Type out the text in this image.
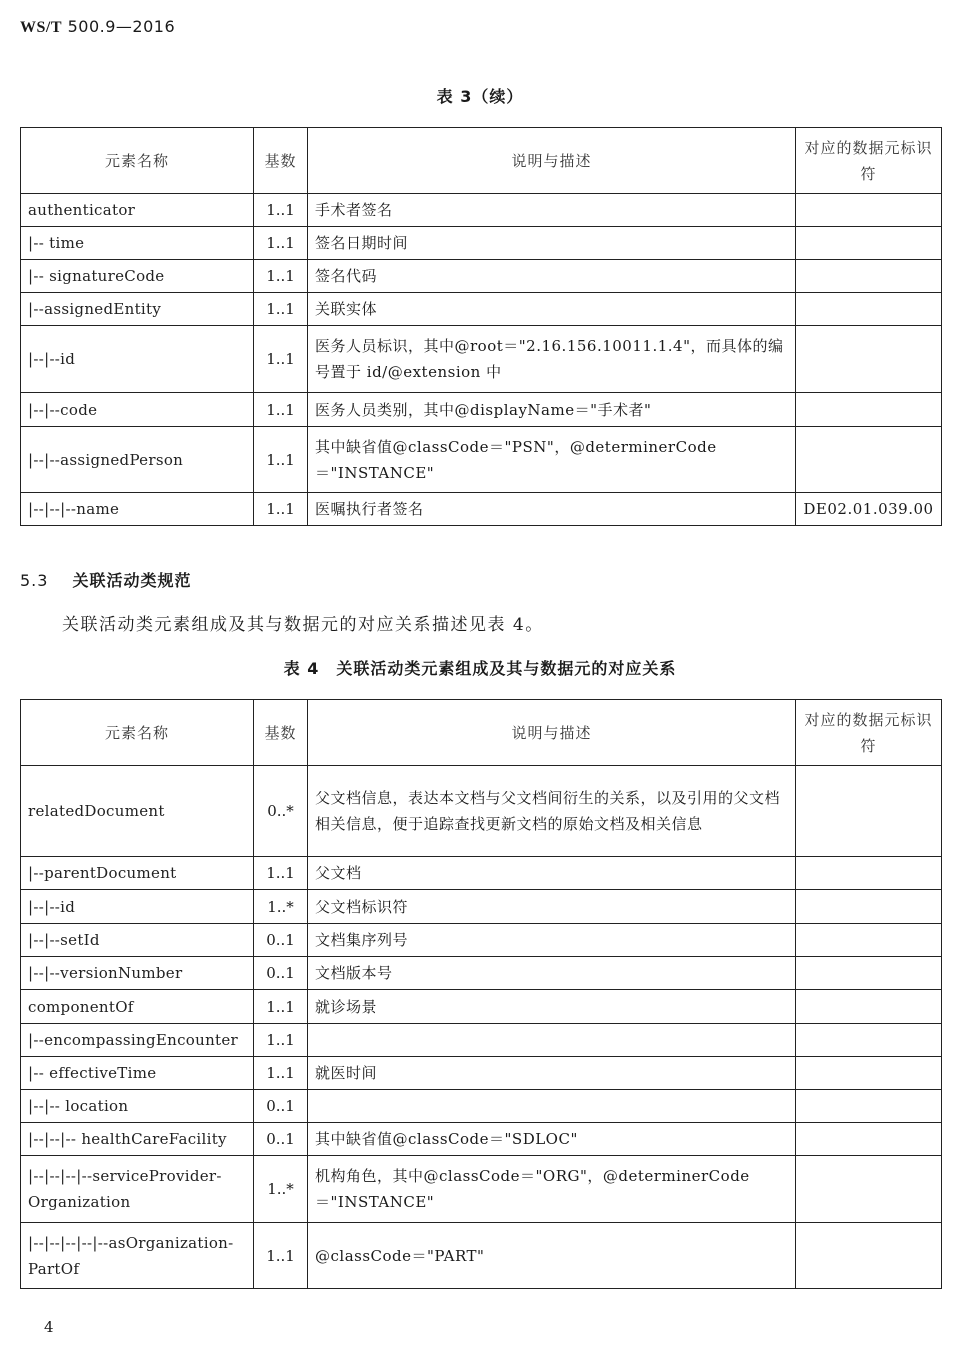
WS/T 500.9—2016
表 3（续）
元素名称	基数	说明与描述	对应的数据元标识符
authenticator	1..1	手术者签名	
|-- time	1..1	签名日期时间	
|-- signatureCode	1..1	签名代码	
|--assignedEntity	1..1	关联实体	
|--|--id	1..1	医务人员标识，其中@root＝"2.16.156.10011.1.4"，而具体的编号置于 id/@extension 中	
|--|--code	1..1	医务人员类别，其中@displayName＝"手术者"	
|--|--assignedPerson	1..1	其中缺省值@classCode＝"PSN"，@determinerCode＝"INSTANCE"	
|--|--|--name	1..1	医嘱执行者签名	DE02.01.039.00
5.3 关联活动类规范
关联活动类元素组成及其与数据元的对应关系描述见表 4。
表 4　关联活动类元素组成及其与数据元的对应关系
元素名称	基数	说明与描述	对应的数据元标识符
relatedDocument	0..*	父文档信息，表达本文档与父文档间衍生的关系，以及引用的父文档相关信息，便于追踪查找更新文档的原始文档及相关信息	
|--parentDocument	1..1	父文档	
|--|--id	1..*	父文档标识符	
|--|--setId	0..1	文档集序列号	
|--|--versionNumber	0..1	文档版本号	
componentOf	1..1	就诊场景	
|--encompassingEncounter	1..1		
|-- effectiveTime	1..1	就医时间	
|--|-- location	0..1		
|--|--|-- healthCareFacility	0..1	其中缺省值@classCode＝"SDLOC"	
|--|--|--|--serviceProvider-Organization	1..*	机构角色，其中@classCode＝"ORG"，@determinerCode＝"INSTANCE"	
|--|--|--|--|--asOrganization-PartOf	1..1	@classCode＝"PART"	
4
